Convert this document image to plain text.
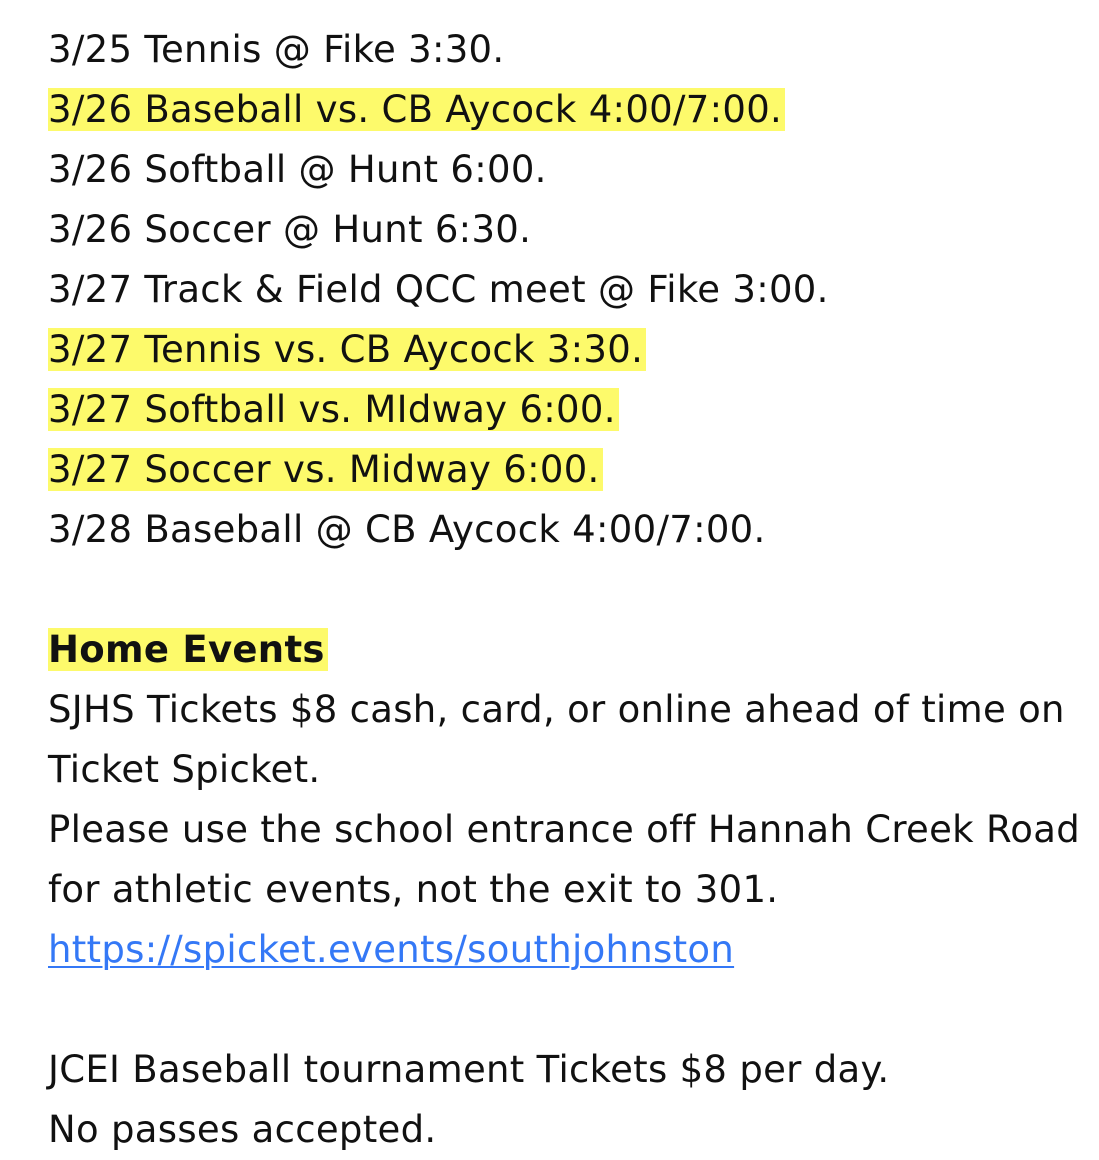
3/25 Tennis @ Fike 3:30.
3/26 Baseball vs. CB Aycock 4:00/7:00.
3/26 Softball @ Hunt 6:00.
3/26 Soccer @ Hunt 6:30.
3/27 Track & Field QCC meet @ Fike 3:00.
3/27 Tennis vs. CB Aycock 3:30.
3/27 Softball vs. MIdway 6:00.
3/27 Soccer vs. Midway 6:00.
3/28 Baseball @ CB Aycock 4:00/7:00.
Home Events
SJHS Tickets $8 cash, card, or online ahead of time on Ticket Spicket.
Please use the school entrance off Hannah Creek Road for athletic events, not the exit to 301. https://spicket.events/southjohnston
JCEI Baseball tournament Tickets $8 per day.
No passes accepted.
